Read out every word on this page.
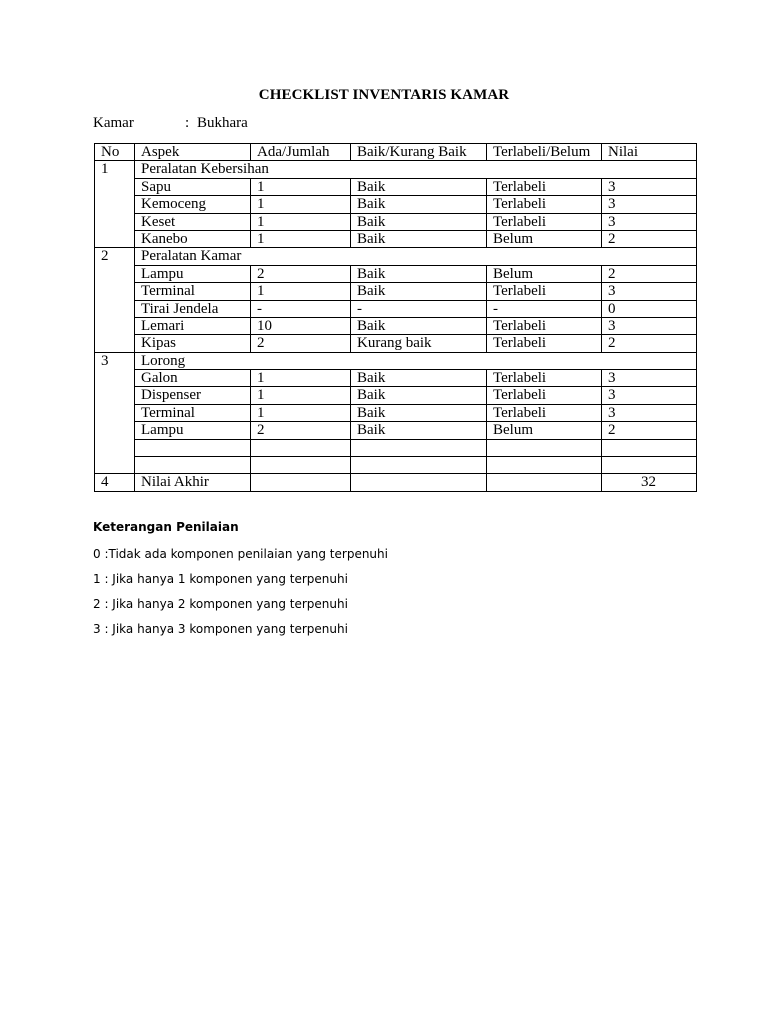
CHECKLIST INVENTARIS KAMAR
Kamar	: Bukhara
No	Aspek	Ada/Jumlah	Baik/Kurang Baik	Terlabeli/Belum	Nilai
1	Peralatan Kebersihan				
	Sapu	1	Baik	Terlabeli	3
	Kemoceng	1	Baik	Terlabeli	3
	Keset	1	Baik	Terlabeli	3
	Kanebo	1	Baik	Belum	2
2	Peralatan Kamar				
	Lampu	2	Baik	Belum	2
	Terminal	1	Baik	Terlabeli	3
	Tirai Jendela	-	-	-	0
	Lemari	10	Baik	Terlabeli	3
	Kipas	2	Kurang baik	Terlabeli	2
3	Lorong				
	Galon	1	Baik	Terlabeli	3
	Dispenser	1	Baik	Terlabeli	3
	Terminal	1	Baik	Terlabeli	3
	Lampu	2	Baik	Belum	2

4	Nilai Akhir				32
Keterangan Penilaian
0 :Tidak ada komponen penilaian yang terpenuhi
1 : Jika hanya 1 komponen yang terpenuhi
2 : Jika hanya 2 komponen yang terpenuhi
3 : Jika hanya 3 komponen yang terpenuhi
